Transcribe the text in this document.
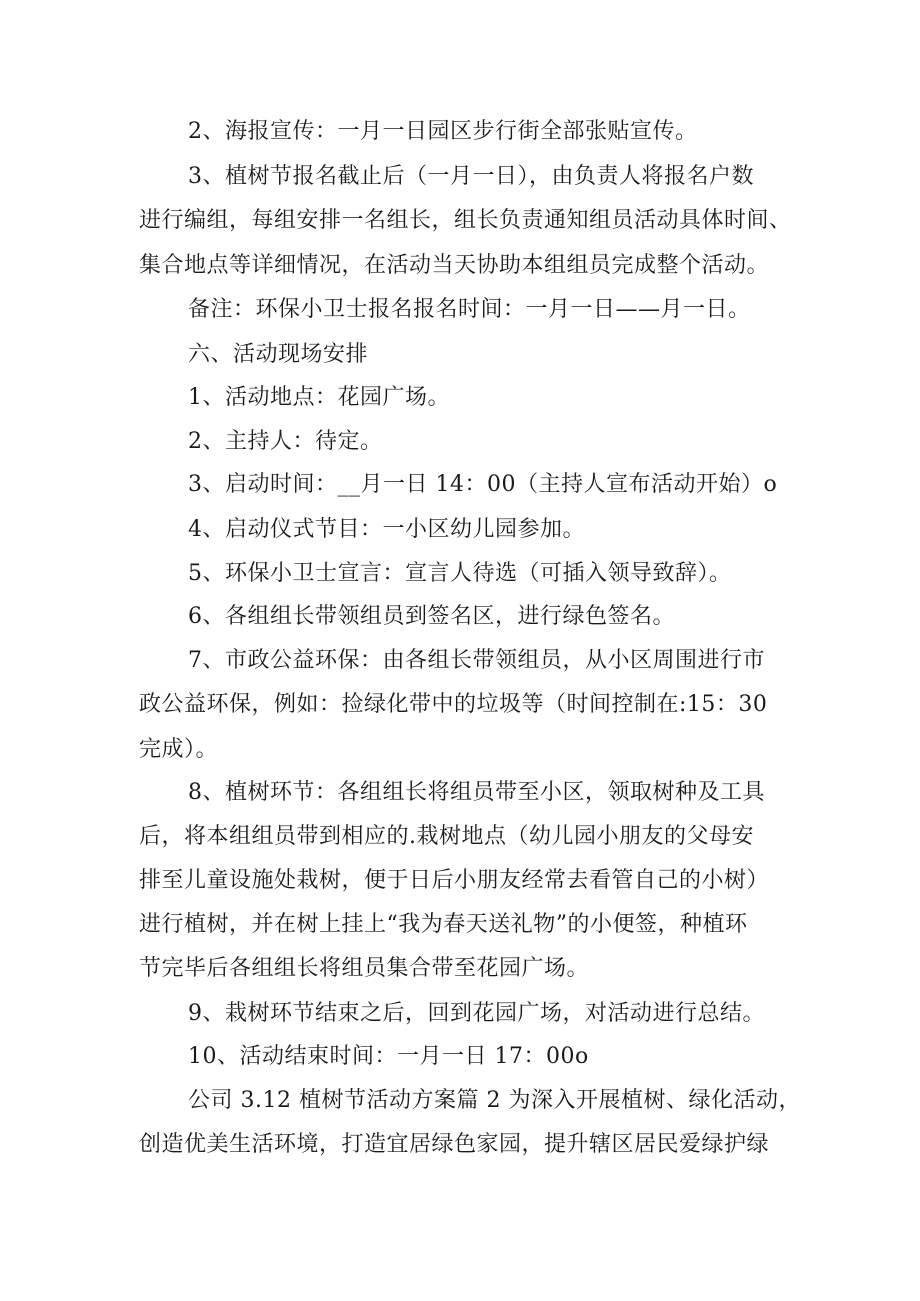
2、海报宣传：一月一日园区步行街全部张贴宣传。
3、植树节报名截止后（一月一日），由负责人将报名户数
进行编组，每组安排一名组长，组长负责通知组员活动具体时间、
集合地点等详细情况，在活动当天协助本组组员完成整个活动。
备注：环保小卫士报名报名时间：一月一日——月一日。
六、活动现场安排
1、活动地点：花园广场。
2、主持人：待定。
3、启动时间：__月一日 14：00（主持人宣布活动开始）o
4、启动仪式节目：一小区幼儿园参加。
5、环保小卫士宣言：宣言人待选（可插入领导致辞）。
6、各组组长带领组员到签名区，进行绿色签名。
7、市政公益环保：由各组长带领组员，从小区周围进行市
政公益环保，例如：捡绿化带中的垃圾等（时间控制在:15：30
完成）。
8、植树环节：各组组长将组员带至小区，领取树种及工具
后，将本组组员带到相应的.栽树地点（幼儿园小朋友的父母安
排至儿童设施处栽树，便于日后小朋友经常去看管自己的小树）
进行植树，并在树上挂上“我为春天送礼物”的小便签，种植环
节完毕后各组组长将组员集合带至花园广场。
9、栽树环节结束之后，回到花园广场，对活动进行总结。
10、活动结束时间：一月一日 17：00o
公司 3.12 植树节活动方案篇 2 为深入开展植树、绿化活动，
创造优美生活环境，打造宜居绿色家园，提升辖区居民爱绿护绿
